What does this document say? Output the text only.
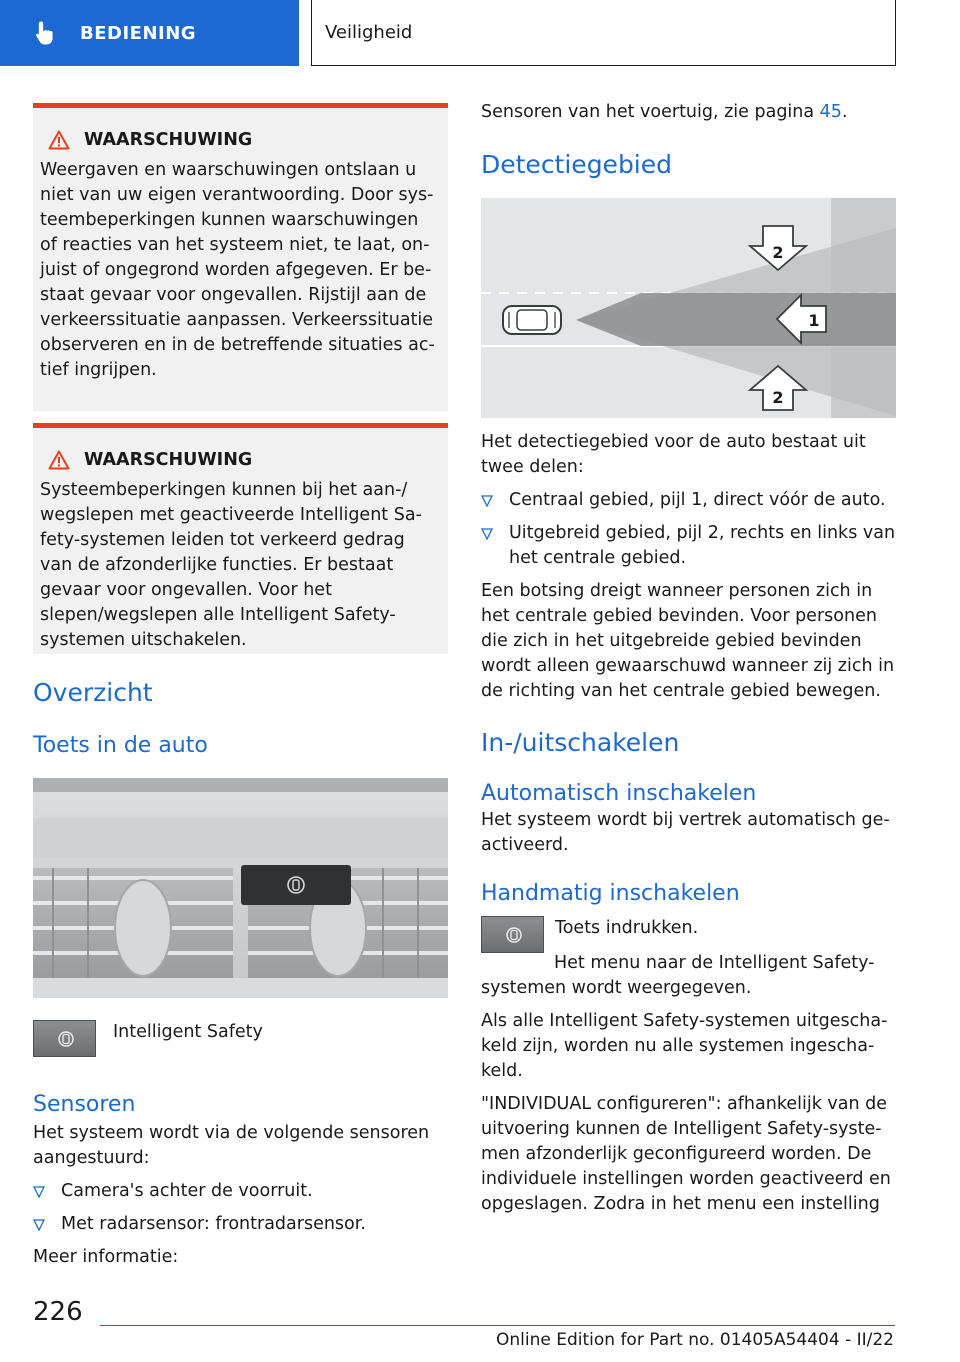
BEDIENING	Veiligheid
WAARSCHUWING
Weergaven en waarschuwingen ontslaan u niet van uw eigen verantwoording. Door systeembeperkingen kunnen waarschuwingen of reacties van het systeem niet, te laat, onjuist of ongegrond worden afgegeven. Er bestaat gevaar voor ongevallen. Rijstijl aan de verkeerssituatie aanpassen. Verkeerssituatie observeren en in de betreffende situaties actief ingrijpen.
WAARSCHUWING
Systeembeperkingen kunnen bij het aan-/ wegslepen met geactiveerde Intelligent Safety-systemen leiden tot verkeerd gedrag van de afzonderlijke functies. Er bestaat gevaar voor ongevallen. Voor het slepen/wegslepen alle Intelligent Safety-systemen uitschakelen.
Overzicht
Toets in de auto
Intelligent Safety
Sensoren
Het systeem wordt via de volgende sensoren aangestuurd:
Camera's achter de voorruit.
Met radarsensor: frontradarsensor.
Meer informatie:
Sensoren van het voertuig, zie pagina 45.
Detectiegebied
2
1
2
Het detectiegebied voor de auto bestaat uit twee delen:
Centraal gebied, pijl 1, direct vóór de auto.
Uitgebreid gebied, pijl 2, rechts en links van het centrale gebied.
Een botsing dreigt wanneer personen zich in het centrale gebied bevinden. Voor personen die zich in het uitgebreide gebied bevinden wordt alleen gewaarschuwd wanneer zij zich in de richting van het centrale gebied bewegen.
In-/uitschakelen
Automatisch inschakelen
Het systeem wordt bij vertrek automatisch geactiveerd.
Handmatig inschakelen
Toets indrukken.
Het menu naar de Intelligent Safety-systemen wordt weergegeven.
Als alle Intelligent Safety-systemen uitgeschakeld zijn, worden nu alle systemen ingeschakeld.
"INDIVIDUAL configureren": afhankelijk van de uitvoering kunnen de Intelligent Safety-systemen afzonderlijk geconfigureerd worden. De individuele instellingen worden geactiveerd en opgeslagen. Zodra in het menu een instelling
226
Online Edition for Part no. 01405A54404 - II/22
